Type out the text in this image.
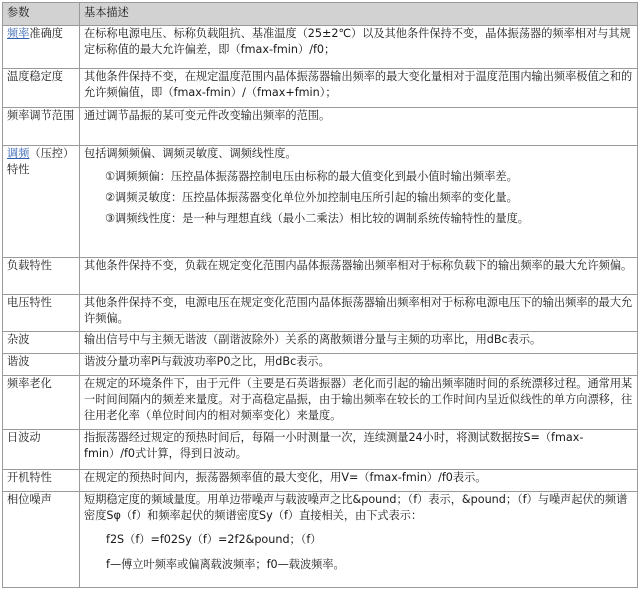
参数	基本描述
频率准确度	在标称电源电压、标称负载阻抗、基准温度（25±2℃）以及其他条件保持不变，晶体振荡器的频率相对与其规定标称值的最大允许偏差，即（fmax-fmin）/f0；
温度稳定度	其他条件保持不变，在规定温度范围内晶体振荡器输出频率的最大变化量相对于温度范围内输出频率极值之和的允许频偏值，即（fmax-fmin）/（fmax+fmin）；
频率调节范围	通过调节晶振的某可变元件改变输出频率的范围。
调频（压控）特性	包括调频频偏、调频灵敏度、调频线性度。
①调频频偏：压控晶体振荡器控制电压由标称的最大值变化到最小值时输出频率差。
②调频灵敏度：压控晶体振荡器变化单位外加控制电压所引起的输出频率的变化量。
③调频线性度：是一种与理想直线（最小二乘法）相比较的调制系统传输特性的量度。

负载特性	其他条件保持不变，负载在规定变化范围内晶体振荡器输出频率相对于标称负载下的输出频率的最大允许频偏。
电压特性	其他条件保持不变，电源电压在规定变化范围内晶体振荡器输出频率相对于标称电源电压下的输出频率的最大允许频偏。
杂波	输出信号中与主频无谐波（副谐波除外）关系的离散频谱分量与主频的功率比，用dBc表示。
谐波	谐波分量功率Pi与载波功率P0之比，用dBc表示。
频率老化	在规定的环境条件下，由于元件（主要是石英谐振器）老化而引起的输出频率随时间的系统漂移过程。通常用某一时间间隔内的频差来量度。对于高稳定晶振，由于输出频率在较长的工作时间内呈近似线性的单方向漂移，往往用老化率（单位时间内的相对频率变化）来量度。
日波动	指振荡器经过规定的预热时间后，每隔一小时测量一次，连续测量24小时，将测试数据按S=（fmax-fmin）/f0式计算，得到日波动。
开机特性	在规定的预热时间内，振荡器频率值的最大变化，用V=（fmax-fmin）/f0表示。
相位噪声	短期稳定度的频域量度。用单边带噪声与载波噪声之比&pound；（f）表示，&pound；（f）与噪声起伏的频谱密度Sφ（f）和频率起伏的频谱密度Sy（f）直接相关，由下式表示：
f2S（f）=f02Sy（f）=2f2&pound；（f）
f—傅立叶频率或偏离载波频率；f0—载波频率。
